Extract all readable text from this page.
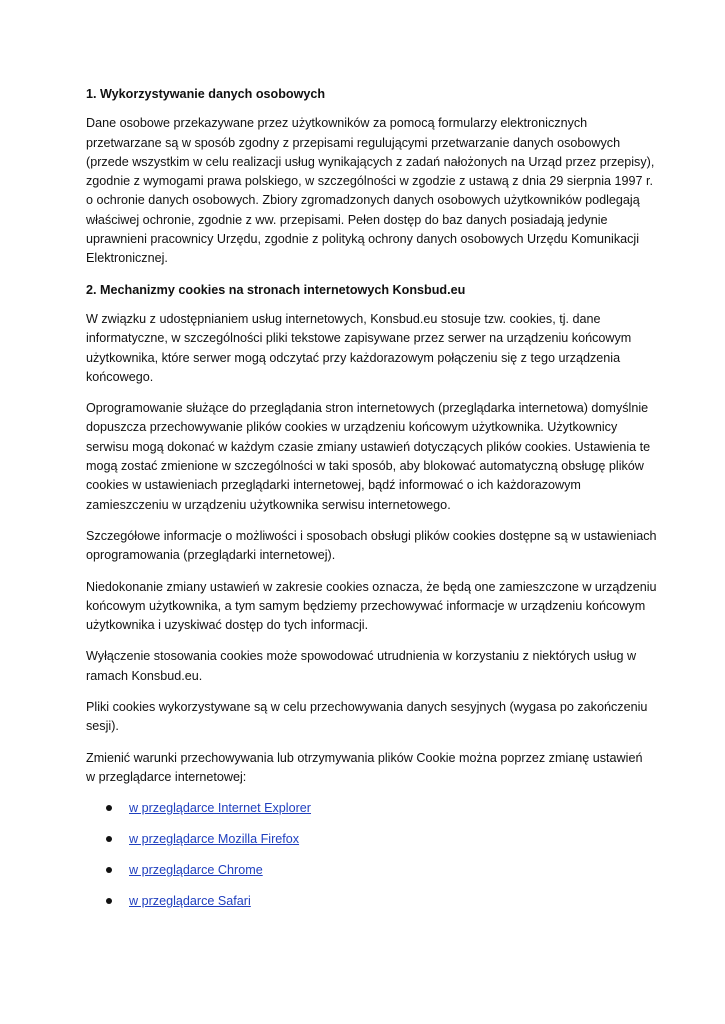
1. Wykorzystywanie danych osobowych
Dane osobowe przekazywane przez użytkowników za pomocą formularzy elektronicznych
przetwarzane są w sposób zgodny z przepisami regulującymi przetwarzanie danych osobowych
(przede wszystkim w celu realizacji usług wynikających z zadań nałożonych na Urząd przez przepisy),
zgodnie z wymogami prawa polskiego, w szczególności w zgodzie z ustawą z dnia 29 sierpnia 1997 r.
o ochronie danych osobowych. Zbiory zgromadzonych danych osobowych użytkowników podlegają
właściwej ochronie, zgodnie z ww. przepisami. Pełen dostęp do baz danych posiadają jedynie
uprawnieni pracownicy Urzędu, zgodnie z polityką ochrony danych osobowych Urzędu Komunikacji
Elektronicznej.
2. Mechanizmy cookies na stronach internetowych Konsbud.eu
W związku z udostępnianiem usług internetowych, Konsbud.eu stosuje tzw. cookies, tj. dane
informatyczne, w szczególności pliki tekstowe zapisywane przez serwer na urządzeniu końcowym
użytkownika, które serwer mogą odczytać przy każdorazowym połączeniu się z tego urządzenia
końcowego.
Oprogramowanie służące do przeglądania stron internetowych (przeglądarka internetowa) domyślnie
dopuszcza przechowywanie plików cookies w urządzeniu końcowym użytkownika. Użytkownicy
serwisu mogą dokonać w każdym czasie zmiany ustawień dotyczących plików cookies. Ustawienia te
mogą zostać zmienione w szczególności w taki sposób, aby blokować automatyczną obsługę plików
cookies w ustawieniach przeglądarki internetowej, bądź informować o ich każdorazowym
zamieszczeniu w urządzeniu użytkownika serwisu internetowego.
Szczegółowe informacje o możliwości i sposobach obsługi plików cookies dostępne są w ustawieniach
oprogramowania (przeglądarki internetowej).
Niedokonanie zmiany ustawień w zakresie cookies oznacza, że będą one zamieszczone w urządzeniu
końcowym użytkownika, a tym samym będziemy przechowywać informacje w urządzeniu końcowym
użytkownika i uzyskiwać dostęp do tych informacji.
Wyłączenie stosowania cookies może spowodować utrudnienia w korzystaniu z niektórych usług w
ramach Konsbud.eu.
Pliki cookies wykorzystywane są w celu przechowywania danych sesyjnych (wygasa po zakończeniu
sesji).
Zmienić warunki przechowywania lub otrzymywania plików Cookie można poprzez zmianę ustawień
w przeglądarce internetowej:
w przeglądarce Internet Explorer
w przeglądarce Mozilla Firefox
w przeglądarce Chrome
w przeglądarce Safari
